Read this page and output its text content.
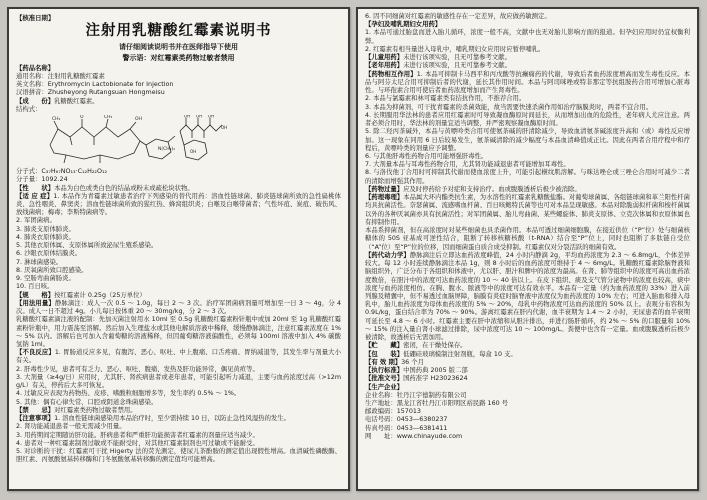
【核准日期】

注射用乳糖酸红霉素说明书

请仔细阅读说明书并在医师指导下使用

警示语：对红霉素类药物过敏者禁用

【药品名称】

通用名称：注射用乳糖酸红霉素

英文名称：Erythromycin Lactobionate for Injection

汉语拼音：Zhusheyong Rutangsuan Hongmeisu

【成　　份】乳糖酸红霉素。

结构式：

CH₃	O	CH₃	OH
N(CH₃)₂
OH OH OH
OH
OH

分子式：C₃₇H₆₇NO₁₃·C₁₂H₂₂O₁₂

分子量：1092.24

【性　　状】本品为白色或类白色的结晶或粉末或疏松块状物。

【适 应 症】1. 本品作为青霉素过敏患者治疗下列感染的替代用药：溶血性链球菌、肺炎链球菌所致的急性扁桃体炎、急性咽炎、鼻窦炎；溶血性链球菌所致的猩红热、蜂窝组织炎；白喉及白喉带菌者；气性坏疽、炭疽、破伤风、放线菌病；梅毒；李斯特菌病等。

2. 军团菌病。

3. 肺炎支原体肺炎。

4. 肺炎衣原体肺炎。

5. 其他衣原体属、支原体属所致泌尿生殖系感染。

6. 沙眼衣原体结膜炎。

7. 淋球菌感染。

8. 厌氧菌所致口腔感染。

9. 空肠弯曲菌肠炎。

10. 百日咳。

【规　　格】按红霉素计 0.25g（25万单位）

【用法用量】静脉滴注：成人一次 0.5 ～ 1.0g，每日 2 ～ 3 次。治疗军团菌病剂量可增加至一日 3 ～ 4g，分 4 次。成人一日不超过 4g。小儿每日按体重 20 ～ 30mg/kg，分 2 ～ 3 次。

乳糖酸红霉素滴注液的配制：先加灭菌注射用水 10ml 至 0.5g 乳糖酸红霉素粉针瓶中或加 20ml 至 1g 乳糖酸红霉素粉针瓶中，用力震荡至溶解。然后加入生理盐水或其他电解质溶液中稀释，缓慢静脉滴注，注意红霉素浓度在 1% ～ 5% 以内。溶解后也可加入含葡萄糖的溶液稀释，但因葡萄糖溶液偏酸性，必须每 100ml 溶液中加入 4% 碳酸氢钠 1ml。

【不良反应】1. 胃肠道反应多见，有腹泻、恶心、呕吐、中上腹痛、口舌疼痛、胃纳减退等，其发生率与剂量大小有关。

2. 肝毒性少见，患者可有乏力、恶心、呕吐、腹痛、发热及肝功能异常，偶见黄疸等。

3. 大剂量（≥4g/日）应用时，尤其肝、肾疾病患者或老年患者，可能引起听力减退，主要与血药浓度过高（>12mg/L）有关，停药后大多可恢复。

4. 过敏反应表现为药物热、皮疹、嗜酸粒细胞增多等，发生率约 0.5% ～ 1%。

5. 其他：偶有心律失常、口腔或阴道念珠菌感染。

【禁　　忌】对红霉素类药物过敏者禁用。

【注意事项】1. 溶血性链球菌感染用本品治疗时，至少需持续 10 日，以防止急性风湿热的发生。

2. 肾功能减退患者一般无需减少用量。

3. 用药期间定期随访肝功能。肝病患者和严重肝功能损害者红霉素的剂量应适当减少。

4. 患者对一种红霉素制剂过敏或不能耐受时，对其他红霉素制剂也可过敏或不能耐受。

5. 对诊断的干扰：红霉素可干扰 Higerty 法的荧光测定，使尿儿茶酚胺的测定值出现假性增高。血清碱性磷酸酶、胆红素、丙氨酸氨基转移酶和门冬氨酸氨基转移酶的测定值均可能增高。

6. 因不同细菌对红霉素的敏感性存在一定差异，故应做药敏测定。

【孕妇及哺乳期妇女用药】

1. 本品可通过胎盘而进入胎儿循环，浓度一般不高，文献中也无对胎儿影响方面的报道。但孕妇应用时仍宜权衡利弊。

2. 红霉素有相当量进入母乳中，哺乳期妇女应用时应暂停哺乳。

【儿童用药】未进行该项实验，且无可靠参考文献。

【老年用药】未进行该项实验，且无可靠参考文献。

【药物相互作用】1. 本品可抑制卡马西平和丙戊酸等抗癫痫药的代谢，导致后者血药浓度增高而发生毒性反应。本品与阿芬太尼合用可抑制后者的代谢，延长其作用时间。本品与阿司咪唑或特非那定等抗组胺药合用可增加心脏毒性。与环孢素合用可使后者血药浓度增加而产生肾毒性。

2. 本品与氯霉素和林可霉素类有拮抗作用，不推荐合用。

3. 本品为抑菌剂，可干扰青霉素的杀菌效能，故当需要快速杀菌作用如治疗脑膜炎时，两者不宜合用。

4. 长期服用华法林的患者应用红霉素时可导致凝血酶原时间延长，从而增加出血的危险性，老年病人尤应注意。两者必须合用时，华法林的剂量宜适当调整，并严密观察凝血酶原时间。

5. 除二羟丙茶碱外，本品与黄嘌呤类合用可使氨茶碱的肝清除减少，导致血清氨茶碱浓度升高和（或）毒性反应增加。这一现象在同用 6 日后较易发生，氨茶碱清除的减少幅度与本品血清峰值成正比。因此在两者合用疗程中和疗程后，黄嘌呤类的剂量应予调整。

6. 与其他肝毒性药物合用可能增强肝毒性。

7. 大剂量本品与耳毒性药物合用，尤其肾功能减退患者可能增加耳毒性。

8. 与洛伐他丁合用时可抑制其代谢而使血浓度上升，可能引起横纹肌溶解。与咪达唑仑或三唑仑合用时可减少二者的清除而增强其作用。

【药物过量】应及时停药给予对症和支持治疗。血或腹膜透析后极少被消除。

【药理毒理】本品属大环内酯类抗生素，为水溶性的红霉素乳糖酸盐酯。对葡萄球菌属、各组链球菌和革兰阳性杆菌均具抗菌活性。奈瑟菌属、流感嗜血杆菌、百日咳鲍特氏菌等也可对本品呈现敏感。本品对除脆弱拟杆菌和梭杆菌属以外的各种厌氧菌亦具有抗菌活性；对军团菌属、胎儿弯曲菌、某些螺旋体、肺炎支原体、立克次体属和衣原体属也有抑制作用。

本品系抑菌剂，但在高浓度时对某些细菌也具杀菌作用。本品可透过细菌细胞膜，在接近供位（“P”位）处与细菌核糖体的 50S 亚基成可逆性结合，阻断了转移核糖核酸（t-RNA）结合至“P”位上，同时也阻断了多肽链自受位（“A”位）至“P”位的位移，因而细菌蛋白质合成受抑制。红霉素仅对分裂活跃的细菌有效。

【药代动力学】静脉滴注后立即达血药浓度峰值，24 小时内静滴 2g，平均血药浓度为 2.3 ～ 6.8mg/L，个体差异较大。每 12 小时连续静脉滴注本品 1g，则 8 小时后的血药浓度可维持于 4 ～ 6mg/L。乳糖酸红霉素除脑脊液和脑组织外，广泛分布于各组织和体液中，尤以肝、胆汁和脾中的浓度为最高。在肾、肺等组织中的浓度可高出血药浓度数倍，在胆汁中的浓度可达血药浓度的 10 ～ 40 倍以上。在皮下组织、痰及支气管分泌物中的浓度也较高，痰中浓度与血药浓度相仿。在胸、腹水、脓液等中的浓度可达有效水平。本品有一定量（约为血药浓度的 33%）进入前列腺及精囊中，但不易透过血脑屏障，脑膜有炎症时脑脊液中浓度仅为血药浓度的 10% 左右；可进入胎血和排入母乳中，胎儿血药浓度为母体血药浓度的 5% ～ 20%，母乳中药物浓度可达血药浓度的 50% 以上。表观分布容积为 0.9L/kg，蛋白结合率为 70% ～ 90%。游离红霉素在肝内代谢，血半衰期为 1.4 ～ 2 小时，无尿患者的血半衰期可延长至 4.8 ～ 6 小时。红霉素主要在肝中浓缩和从胆汁排出，并进行肠肝循环，约 2% ～ 5% 的口服量和 10% ～ 15% 的注入量自肾小球滤过排除，尿中浓度可达 10 ～ 100mg/L。粪便中也含有一定量。血或腹膜透析后极少被清除，故透析后无需加用。

【贮　　藏】密闭，在干燥处保存。

【包　　装】低硼硅玻璃模制注射剂瓶，每盒 10 支。

【有 效 期】36 个月

【执行标准】中国药典 2005 版二部

【批准文号】国药准字 H23023624

【生产企业】

企业名称：牡丹江宇德制药有限公司

生产地址：黑龙江省牡丹江市阳明区裕民路 160 号

邮政编码：157013

电话号码：0453—6380237

传真号码：0453—6381411

网　　址：www.chinayude.com
